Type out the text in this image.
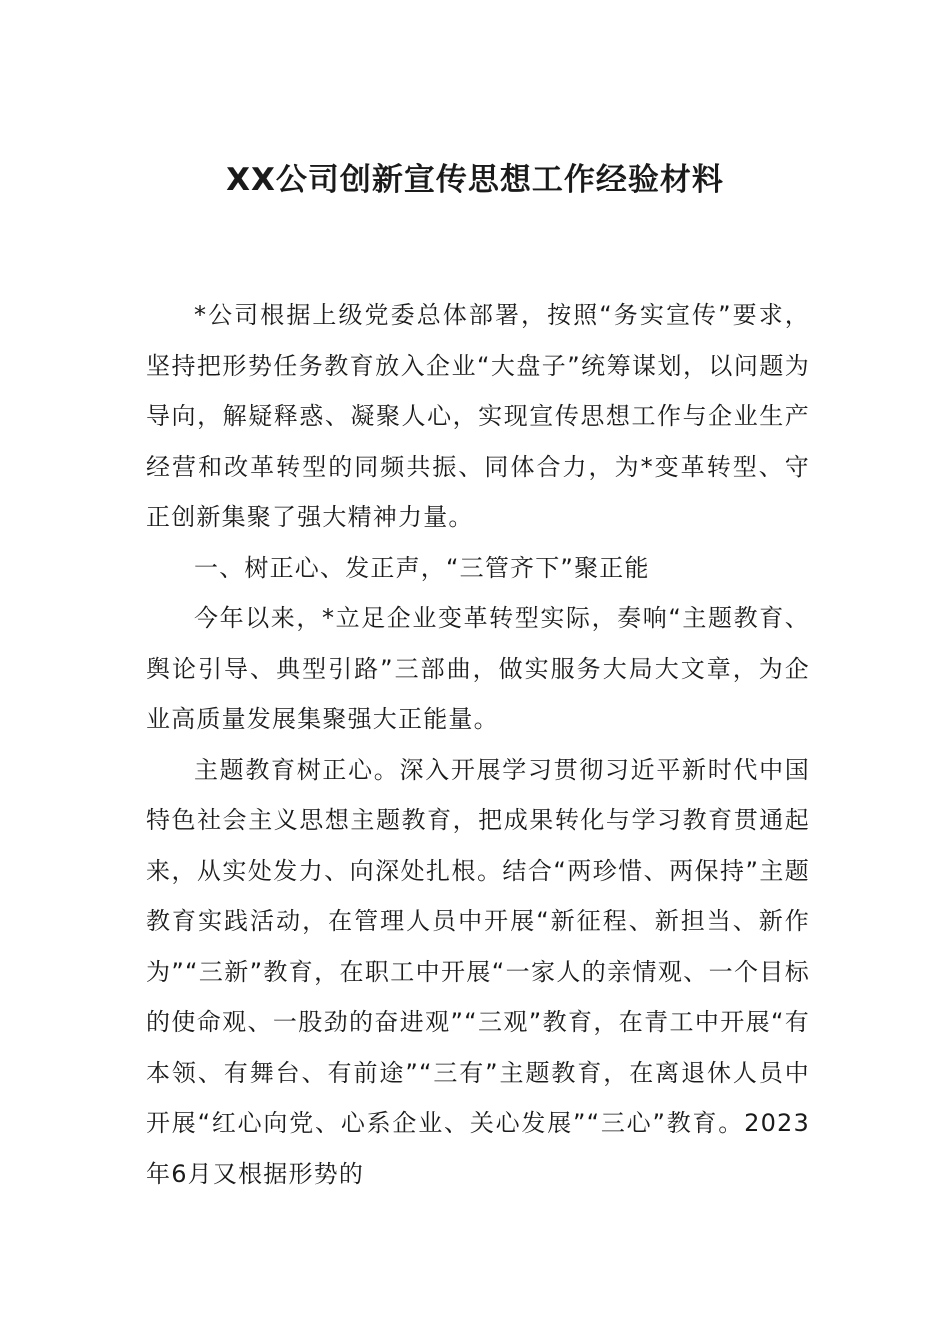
XX公司创新宣传思想工作经验材料

*公司根据上级党委总体部署，按照“务实宣传”要求，坚持把形势任务教育放入企业“大盘子”统筹谋划，以问题为导向，解疑释惑、凝聚人心，实现宣传思想工作与企业生产经营和改革转型的同频共振、同体合力，为*变革转型、守正创新集聚了强大精神力量。

一、树正心、发正声，“三管齐下”聚正能

今年以来，*立足企业变革转型实际，奏响“主题教育、舆论引导、典型引路”三部曲，做实服务大局大文章，为企业高质量发展集聚强大正能量。

主题教育树正心。深入开展学习贯彻习近平新时代中国特色社会主义思想主题教育，把成果转化与学习教育贯通起来，从实处发力、向深处扎根。结合“两珍惜、两保持”主题教育实践活动，在管理人员中开展“新征程、新担当、新作为”“三新”教育，在职工中开展“一家人的亲情观、一个目标的使命观、一股劲的奋进观”“三观”教育，在青工中开展“有本领、有舞台、有前途”“三有”主题教育，在离退休人员中开展“红心向党、心系企业、关心发展”“三心”教育。2023年6月又根据形势的
